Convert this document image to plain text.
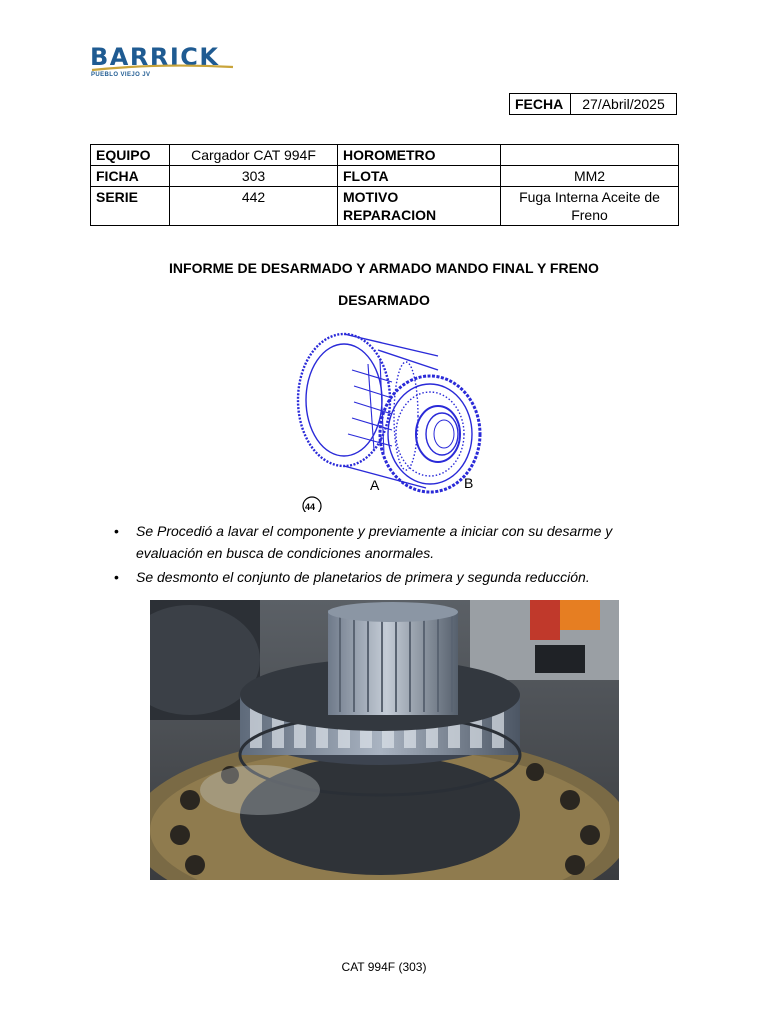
BARRICK
PUEBLO VIEJO JV
FECHA	27/Abril/2025
EQUIPO	Cargador CAT 994F	HOROMETRO	
FICHA	303	FLOTA	MM2
SERIE	442	MOTIVO REPARACION	Fuga Interna Aceite de Freno
INFORME DE DESARMADO Y ARMADO MANDO FINAL Y FRENO
DESARMADO
A	B
44
• Se Procedió a lavar el componente y previamente a iniciar con su desarme y evaluación en busca de condiciones anormales.
• Se desmonto el conjunto de planetarios de primera y segunda reducción.
CAT 994F (303)
